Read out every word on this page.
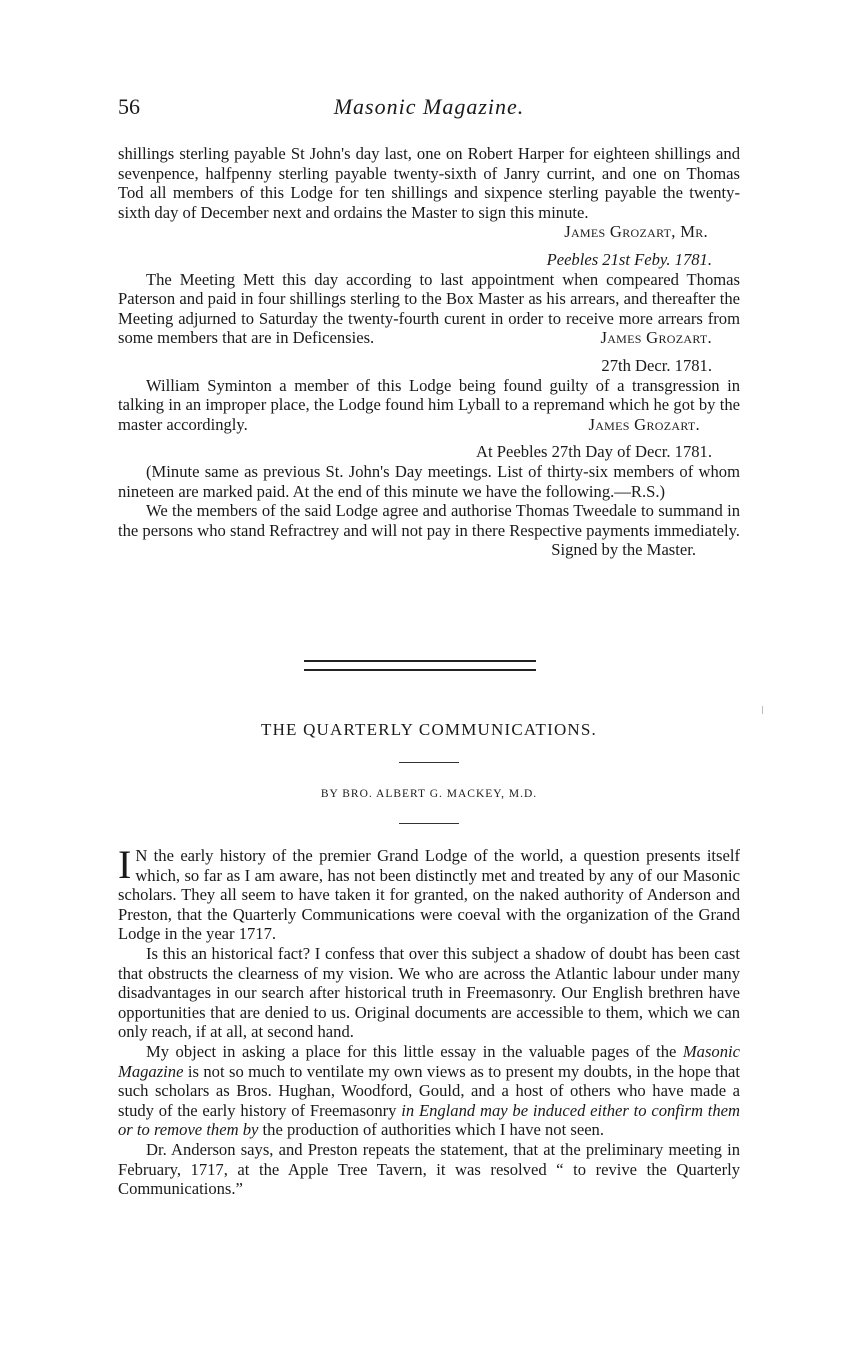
56	Masonic Magazine.

shillings sterling payable St John's day last, one on Robert Harper for eighteen shillings and sevenpence, halfpenny sterling payable twenty-sixth of Janry currint, and one on Thomas Tod all members of this Lodge for ten shillings and sixpence sterling payable the twenty-sixth day of December next and ordains the Master to sign this minute.
James Grozart, Mr.

Peebles 21st Feby. 1781.

The Meeting Mett this day according to last appointment when compeared Thomas Paterson and paid in four shillings sterling to the Box Master as his arrears, and thereafter the Meeting adjurned to Saturday the twenty-fourth curent in order to receive more arrears from some members that are in Deficensies.	James Grozart.

27th Decr. 1781.

William Syminton a member of this Lodge being found guilty of a transgression in talking in an improper place, the Lodge found him Lyball to a repremand which he got by the master accordingly.	James Grozart.

At Peebles 27th Day of Decr. 1781.

(Minute same as previous St. John's Day meetings. List of thirty-six members of whom nineteen are marked paid. At the end of this minute we have the following.—R.S.)

We the members of the said Lodge agree and authorise Thomas Tweedale to summand in the persons who stand Refractrey and will not pay in there Respective payments immediately.
Signed by the Master.

THE QUARTERLY COMMUNICATIONS.
BY BRO. ALBERT G. MACKEY, M.D.

I N the early history of the premier Grand Lodge of the world, a question presents itself which, so far as I am aware, has not been distinctly met and treated by any of our Masonic scholars. They all seem to have taken it for granted, on the naked authority of Anderson and Preston, that the Quarterly Communications were coeval with the organization of the Grand Lodge in the year 1717.

Is this an historical fact? I confess that over this subject a shadow of doubt has been cast that obstructs the clearness of my vision. We who are across the Atlantic labour under many disadvantages in our search after historical truth in Freemasonry. Our English brethren have opportunities that are denied to us. Original documents are accessible to them, which we can only reach, if at all, at second hand.

My object in asking a place for this little essay in the valuable pages of the Masonic Magazine is not so much to ventilate my own views as to present my doubts, in the hope that such scholars as Bros. Hughan, Woodford, Gould, and a host of others who have made a study of the early history of Freemasonry in England may be induced either to confirm them or to remove them by the production of authorities which I have not seen.

Dr. Anderson says, and Preston repeats the statement, that at the preliminary meeting in February, 1717, at the Apple Tree Tavern, it was resolved “ to revive the Quarterly Communications.”
